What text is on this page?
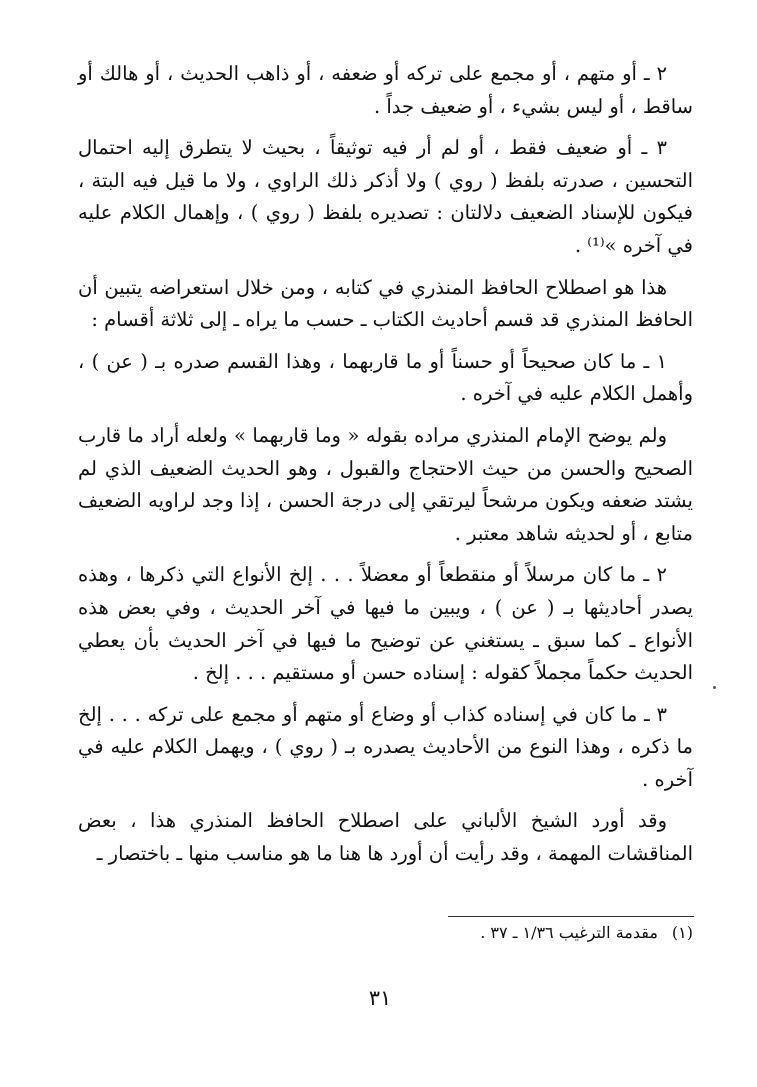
٢ ـ أو متهم ، أو مجمع على تركه أو ضعفه ، أو ذاهب الحديث ، أو هالك أو ساقط ، أو ليس بشيء ، أو ضعيف جداً .

٣ ـ أو ضعيف فقط ، أو لم أر فيه توثيقاً ، بحيث لا يتطرق إليه احتمال التحسين ، صدرته بلفظ ( روي ) ولا أذكر ذلك الراوي ، ولا ما قيل فيه البتة ، فيكون للإسناد الضعيف دلالتان : تصديره بلفظ ( روي ) ، وإهمال الكلام عليه في آخره »⁽¹⁾ .

هذا هو اصطلاح الحافظ المنذري في كتابه ، ومن خلال استعراضه يتبين أن الحافظ المنذري قد قسم أحاديث الكتاب ـ حسب ما يراه ـ إلى ثلاثة أقسام :

١ ـ ما كان صحيحاً أو حسناً أو ما قاربهما ، وهذا القسم صدره بـ ( عن ) ، وأهمل الكلام عليه في آخره .

ولم يوضح الإمام المنذري مراده بقوله « وما قاربهما » ولعله أراد ما قارب الصحيح والحسن من حيث الاحتجاج والقبول ، وهو الحديث الضعيف الذي لم يشتد ضعفه ويكون مرشحاً ليرتقي إلى درجة الحسن ، إذا وجد لراويه الضعيف متابع ، أو لحديثه شاهد معتبر .

٢ ـ ما كان مرسلاً أو منقطعاً أو معضلاً . . . إلخ الأنواع التي ذكرها ، وهذه يصدر أحاديثها بـ ( عن ) ، ويبين ما فيها في آخر الحديث ، وفي بعض هذه الأنواع ـ كما سبق ـ يستغني عن توضيح ما فيها في آخر الحديث بأن يعطي الحديث حكماً مجملاً كقوله : إسناده حسن أو مستقيم . . . إلخ .

٣ ـ ما كان في إسناده كذاب أو وضاع أو متهم أو مجمع على تركه . . . إلخ ما ذكره ، وهذا النوع من الأحاديث يصدره بـ ( روي ) ، ويهمل الكلام عليه في آخره .

وقد أورد الشيخ الألباني على اصطلاح الحافظ المنذري هذا ، بعض المناقشات المهمة ، وقد رأيت أن أورد ها هنا ما هو مناسب منها ـ باختصار ـ

(١)مقدمة الترغيب ١/٣٦ ـ ٣٧ .
٣١
